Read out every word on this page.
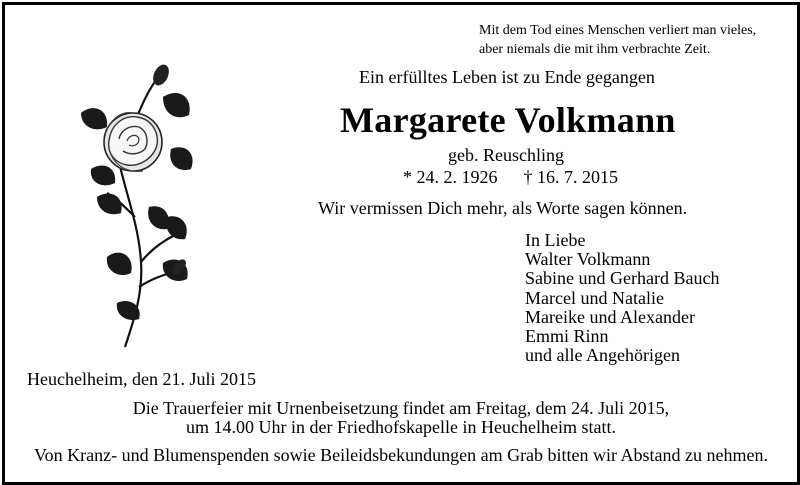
Mit dem Tod eines Menschen verliert man vieles,
aber niemals die mit ihm verbrachte Zeit.
Ein erfülltes Leben ist zu Ende gegangen
Margarete Volkmann
geb. Reuschling
* 24. 2. 1926 † 16. 7. 2015
Wir vermissen Dich mehr, als Worte sagen können.
In Liebe
Walter Volkmann
Sabine und Gerhard Bauch
Marcel und Natalie
Mareike und Alexander
Emmi Rinn
und alle Angehörigen
Heuchelheim, den 21. Juli 2015
Die Trauerfeier mit Urnenbeisetzung findet am Freitag, dem 24. Juli 2015,
um 14.00 Uhr in der Friedhofskapelle in Heuchelheim statt.
Von Kranz- und Blumenspenden sowie Beileidsbekundungen am Grab bitten wir Abstand zu nehmen.
